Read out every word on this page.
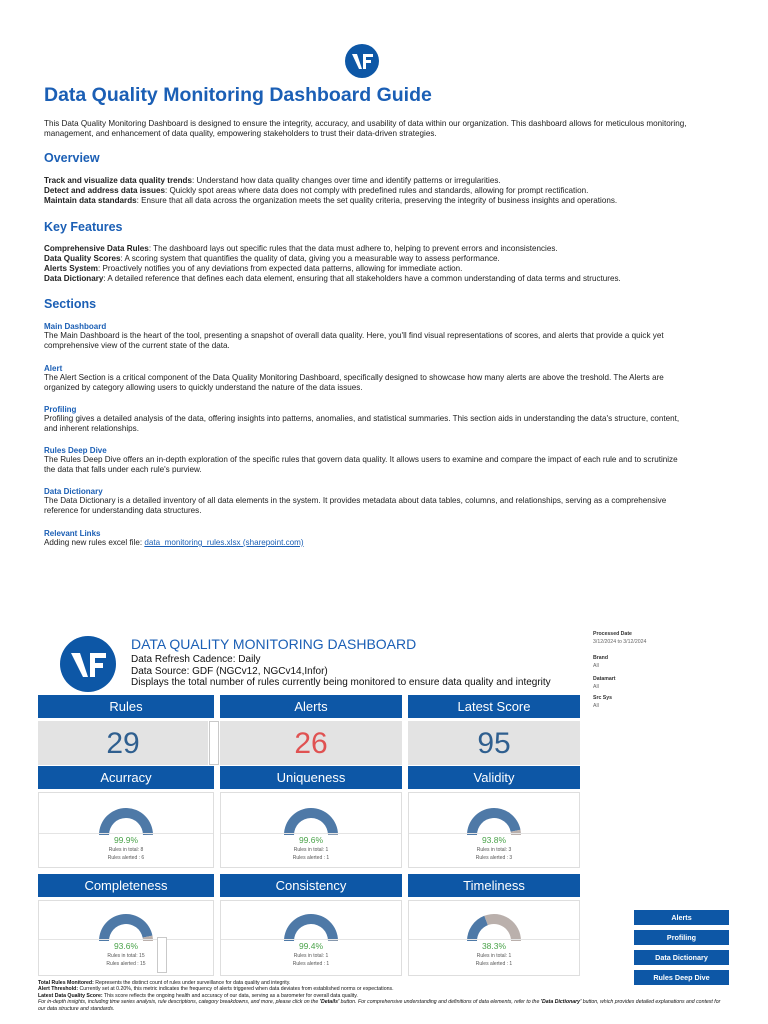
Data Quality Monitoring Dashboard Guide

This Data Quality Monitoring Dashboard is designed to ensure the integrity, accuracy, and usability of data within our organization. This dashboard allows for meticulous monitoring, management, and enhancement of data quality, empowering stakeholders to trust their data-driven strategies.

Overview

Track and visualize data quality trends: Understand how data quality changes over time and identify patterns or irregularities.

Detect and address data issues: Quickly spot areas where data does not comply with predefined rules and standards, allowing for prompt rectification.

Maintain data standards: Ensure that all data across the organization meets the set quality criteria, preserving the integrity of business insights and operations.

Key Features

Comprehensive Data Rules: The dashboard lays out specific rules that the data must adhere to, helping to prevent errors and inconsistencies.

Data Quality Scores: A scoring system that quantifies the quality of data, giving you a measurable way to assess performance.

Alerts System: Proactively notifies you of any deviations from expected data patterns, allowing for immediate action.

Data Dictionary: A detailed reference that defines each data element, ensuring that all stakeholders have a common understanding of data terms and structures.

Sections

Main Dashboard

The Main Dashboard is the heart of the tool, presenting a snapshot of overall data quality. Here, you'll find visual representations of scores, and alerts that provide a quick yet comprehensive view of the current state of the data.

Alert

The Alert Section is a critical component of the Data Quality Monitoring Dashboard, specifically designed to showcase how many alerts are above the treshold. The Alerts are organized by category allowing users to quickly understand the nature of the data issues.

Profiling

Profiling gives a detailed analysis of the data, offering insights into patterns, anomalies, and statistical summaries. This section aids in understanding the data's structure, content, and inherent relationships.

Rules Deep Dive

The Rules Deep Dive offers an in-depth exploration of the specific rules that govern data quality. It allows users to examine and compare the impact of each rule and to scrutinize the data that falls under each rule's purview.

Data Dictionary

The Data Dictionary is a detailed inventory of all data elements in the system. It provides metadata about data tables, columns, and relationships, serving as a comprehensive reference for understanding data structures.

Relevant Links

Adding new rules excel file: data_monitoring_rules.xlsx (sharepoint.com)

DATA QUALITY MONITORING DASHBOARD
Data Refresh Cadence: Daily
Data Source: GDF (NGCv12, NGCv14,Infor)
Displays the total number of rules currently being monitored to ensure data quality and integrity
Processed Date
3/12/2024 to 3/12/2024
Brand
All
Datamart
All
Src Sys
All
Rules	Alerts	Latest Score
29	26	95
Acurracy	Uniqueness	Validity
99.9%
Rules in total: 8
Rules alerted : 6
99.6%
Rules in total: 1
Rules alerted : 1
93.8%
Rules in total: 3
Rules alerted : 3
Completeness	Consistency	Timeliness
93.6%
Rules in total: 15
Rules alerted : 15
99.4%
Rules in total: 1
Rules alerted : 1
38.3%
Rules in total: 1
Rules alerted : 1
Alerts
Profiling
Data Dictionary
Rules Deep Dive
Total Rules Monitored: Represents the distinct count of rules under surveillance for data quality and integrity.
Alert Threshold: Currently set at 0.20%, this metric indicates the frequency of alerts triggered when data deviates from established norms or expectations.
Latest Data Quality Score: This score reflects the ongoing health and accuracy of our data, serving as a barometer for overall data quality.
For in-depth insights, including time series analysis, rule descriptions, category breakdowns, and more, please click on the 'Details' button. For comprehensive understanding and definitions of data elements, refer to the 'Data Dictionary' button, which provides detailed explanations and context for our data structure and standards.
